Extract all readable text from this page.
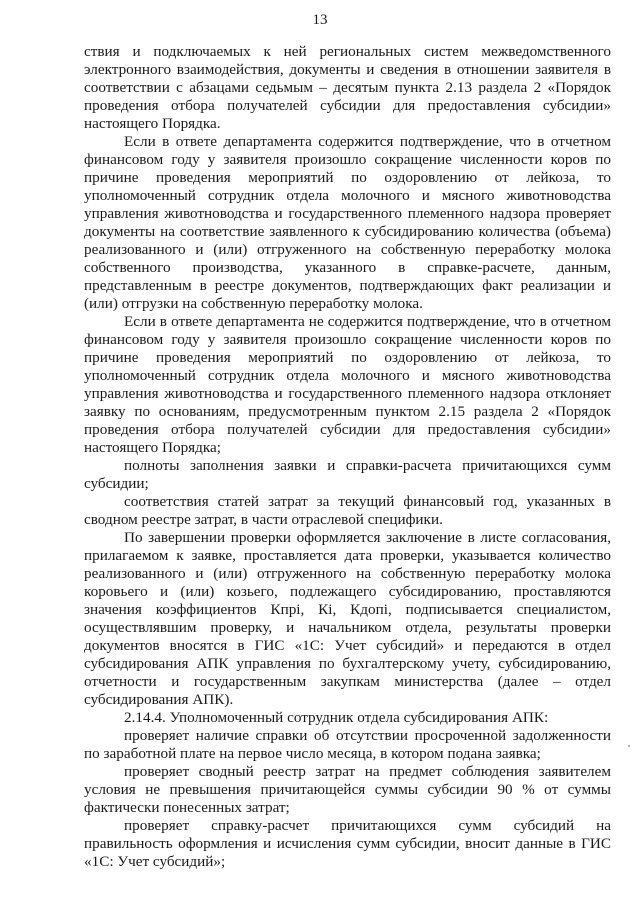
13

ствия и подключаемых к ней региональных систем межведомственного электронного взаимодействия, документы и сведения в отношении заявителя в соответствии с абзацами седьмым – десятым пункта 2.13 раздела 2 «Порядок проведения отбора получателей субсидии для предоставления субсидии» настоящего Порядка.

Если в ответе департамента содержится подтверждение, что в отчетном финансовом году у заявителя произошло сокращение численности коров по причине проведения мероприятий по оздоровлению от лейкоза, то уполномоченный сотрудник отдела молочного и мясного животноводства управления животноводства и государственного племенного надзора проверяет документы на соответствие заявленного к субсидированию количества (объема) реализованного и (или) отгруженного на собственную переработку молока собственного производства, указанного в справке-расчете, данным, представленным в реестре документов, подтверждающих факт реализации и (или) отгрузки на собственную переработку молока.

Если в ответе департамента не содержится подтверждение, что в отчетном финансовом году у заявителя произошло сокращение численности коров по причине проведения мероприятий по оздоровлению от лейкоза, то уполномоченный сотрудник отдела молочного и мясного животноводства управления животноводства и государственного племенного надзора отклоняет заявку по основаниям, предусмотренным пунктом 2.15 раздела 2 «Порядок проведения отбора получателей субсидии для предоставления субсидии» настоящего Порядка;

полноты заполнения заявки и справки-расчета причитающихся сумм субсидии;

соответствия статей затрат за текущий финансовый год, указанных в сводном реестре затрат, в части отраслевой специфики.

По завершении проверки оформляется заключение в листе согласования, прилагаемом к заявке, проставляется дата проверки, указывается количество реализованного и (или) отгруженного на собственную переработку молока коровьего и (или) козьего, подлежащего субсидированию, проставляются значения коэффициентов Кпрі, Кі, Кдопі, подписывается специалистом, осуществлявшим проверку, и начальником отдела, результаты проверки документов вносятся в ГИС «1С: Учет субсидий» и передаются в отдел субсидирования АПК управления по бухгалтерскому учету, субсидированию, отчетности и государственным закупкам министерства (далее – отдел субсидирования АПК).

2.14.4. Уполномоченный сотрудник отдела субсидирования АПК:

проверяет наличие справки об отсутствии просроченной задолженности по заработной плате на первое число месяца, в котором подана заявка;

проверяет сводный реестр затрат на предмет соблюдения заявителем условия не превышения причитающейся суммы субсидии 90 % от суммы фактически понесенных затрат;

проверяет справку-расчет причитающихся сумм субсидий на правильность оформления и исчисления сумм субсидии, вносит данные в ГИС «1С: Учет субсидий»;
